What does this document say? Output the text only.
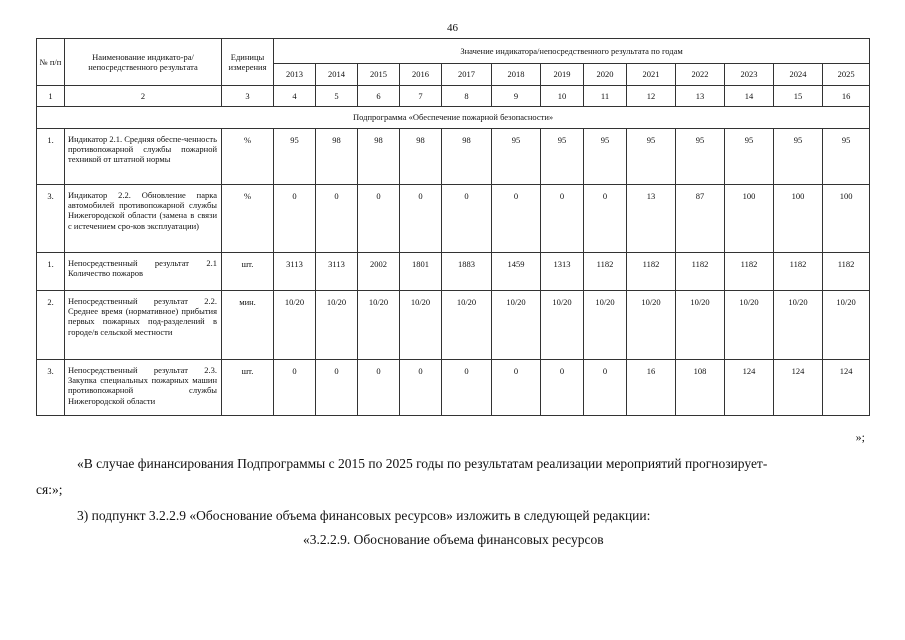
46
№ п/п	Наименование индикато-ра/непосредственного результата	Единицы измерения	Значение индикатора/непосредственного результата по годам												
			2013	2014	2015	2016	2017	2018	2019	2020	2021	2022	2023	2024	2025
1	2	3	4	5	6	7	8	9	10	11	12	13	14	15	16
Подпрограмма «Обеспечение пожарной безопасности»															
1.	Индикатор 2.1. Средняя обеспе-ченность противопожарной службы пожарной техникой от штатной нормы	%	95	98	98	98	98	95	95	95	95	95	95	95	95
3.	Индикатор 2.2. Обновление парка автомобилей противопожарной службы Нижегородской области (замена в связи с истечением сро-ков эксплуатации)	%	0	0	0	0	0	0	0	0	13	87	100	100	100
1.	Непосредственный результат 2.1 Количество пожаров	шт.	3113	3113	2002	1801	1883	1459	1313	1182	1182	1182	1182	1182	1182
2.	Непосредственный результат 2.2. Среднее время (нормативное) прибытия первых пожарных под-разделений в городе/в сельской местности	мин.	10/20	10/20	10/20	10/20	10/20	10/20	10/20	10/20	10/20	10/20	10/20	10/20	10/20
3.	Непосредственный результат 2.3. Закупка специальных пожарных машин противопожарной службы Нижегородской области	шт.	0	0	0	0	0	0	0	0	16	108	124	124	124
»;
«В случае финансирования Подпрограммы с 2015 по 2025 годы по результатам реализации мероприятий прогнозирует-
ся:»;
3) подпункт 3.2.2.9 «Обоснование объема финансовых ресурсов» изложить в следующей редакции:
«3.2.2.9. Обоснование объема финансовых ресурсов
